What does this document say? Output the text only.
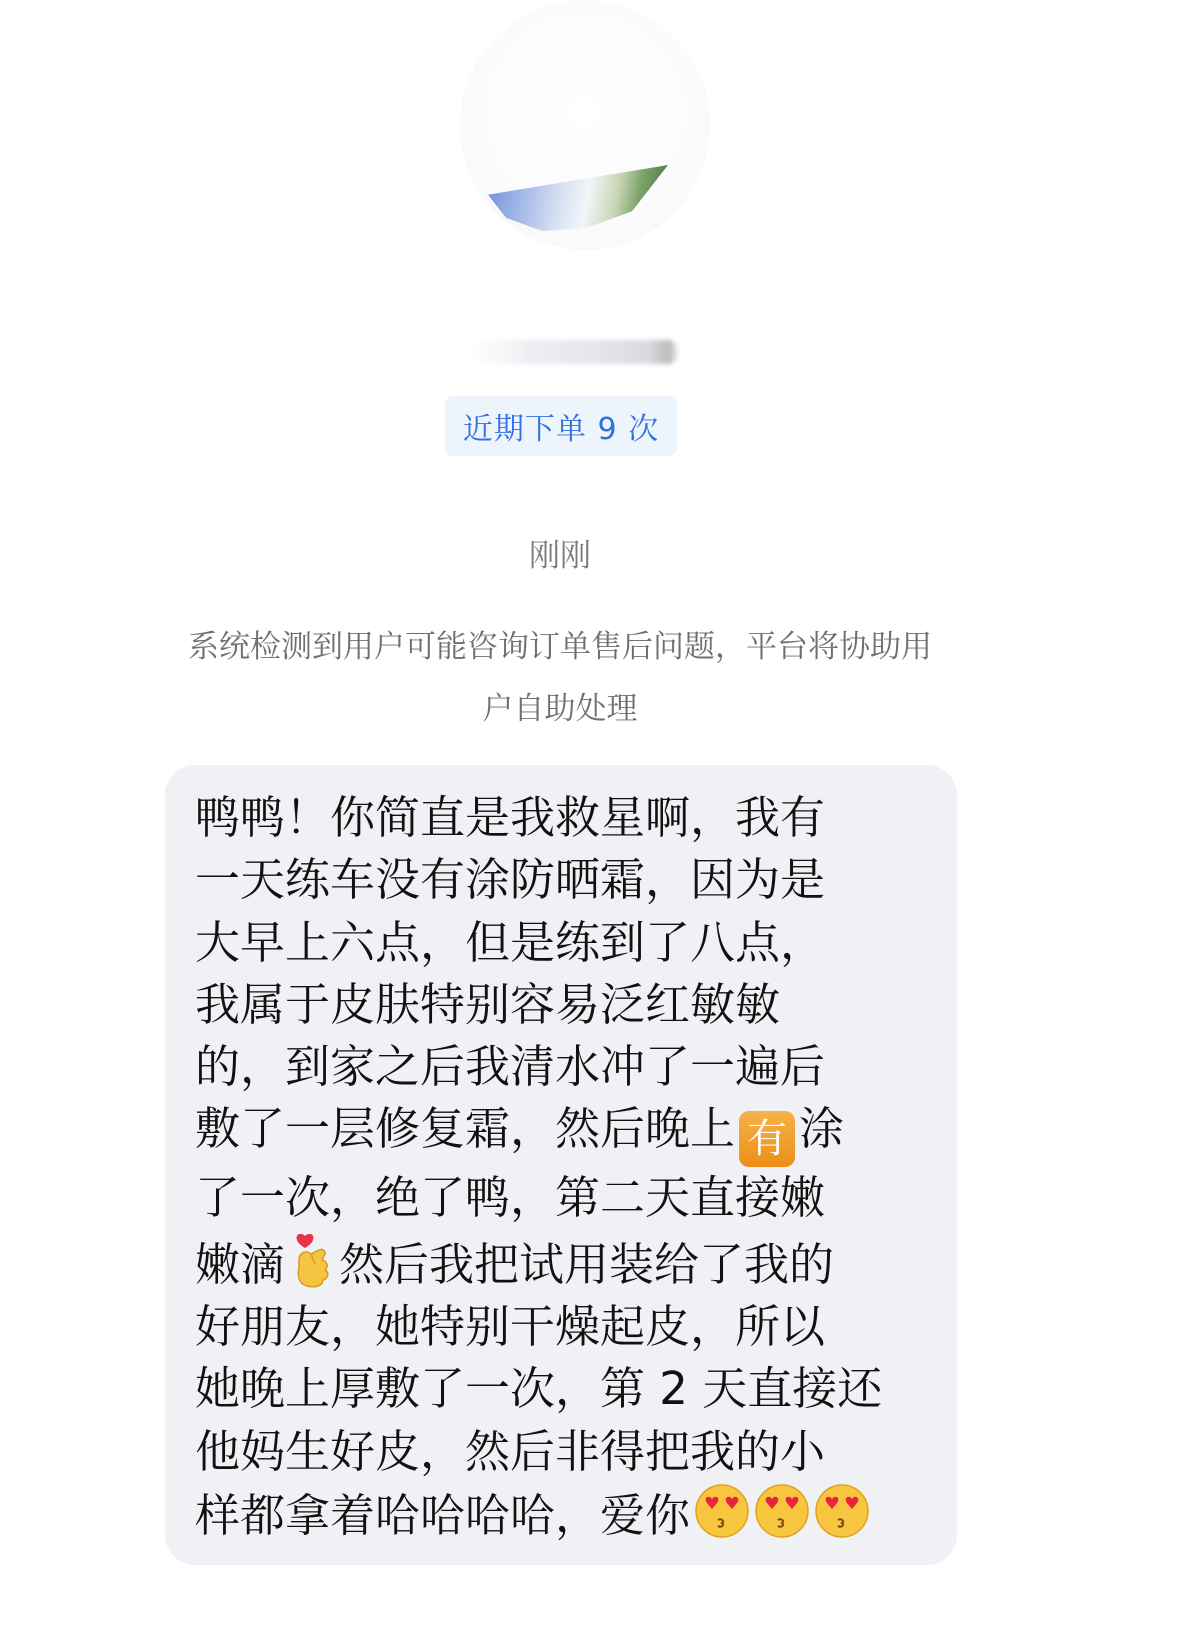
近期下单 9 次
刚刚
系统检测到用户可能咨询订单售后问题，平台将协助用
户自助处理
鸭鸭！你简直是我救星啊，我有
一天练车没有涂防晒霜，因为是
大早上六点，但是练到了八点，
我属于皮肤特别容易泛红敏敏
的，到家之后我清水冲了一遍后
敷了一层修复霜，然后晚上 有 涂
了一次，绝了鸭，第二天直接嫩
嫩滴 然后我把试用装给了我的
好朋友，她特别干燥起皮，所以
她晚上厚敷了一次，第 2 天直接还
他妈生好皮，然后非得把我的小
样都拿着哈哈哈哈，爱你
